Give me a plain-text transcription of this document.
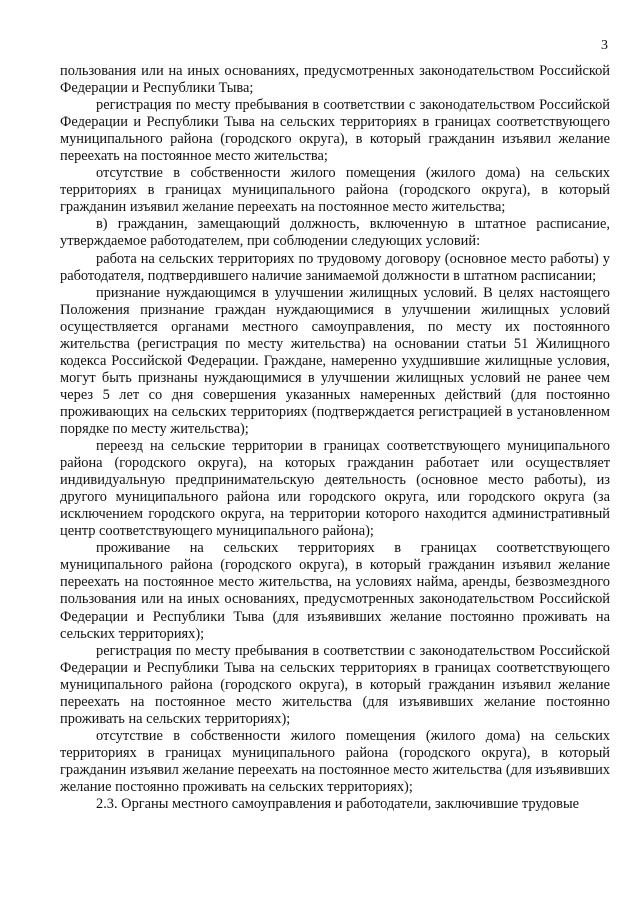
3

пользования или на иных основаниях, предусмотренных законодательством Российской Федерации и Республики Тыва;

регистрация по месту пребывания в соответствии с законодательством Российской Федерации и Республики Тыва на сельских территориях в границах соответствующего муниципального района (городского округа), в который гражданин изъявил желание переехать на постоянное место жительства;

отсутствие в собственности жилого помещения (жилого дома) на сельских территориях в границах муниципального района (городского округа), в который гражданин изъявил желание переехать на постоянное место жительства;

в) гражданин, замещающий должность, включенную в штатное расписание, утверждаемое работодателем, при соблюдении следующих условий:

работа на сельских территориях по трудовому договору (основное место работы) у работодателя, подтвердившего наличие занимаемой должности в штатном расписании;

признание нуждающимся в улучшении жилищных условий. В целях настоящего Положения признание граждан нуждающимися в улучшении жилищных условий осуществляется органами местного самоуправления, по месту их постоянного жительства (регистрация по месту жительства) на основании статьи 51 Жилищного кодекса Российской Федерации. Граждане, намеренно ухудшившие жилищные условия, могут быть признаны нуждающимися в улучшении жилищных условий не ранее чем через 5 лет со дня совершения указанных намеренных действий (для постоянно проживающих на сельских территориях (подтверждается регистрацией в установленном порядке по месту жительства);

переезд на сельские территории в границах соответствующего муниципального района (городского округа), на которых гражданин работает или осуществляет индивидуальную предпринимательскую деятельность (основное место работы), из другого муниципального района или городского округа, или городского округа (за исключением городского округа, на территории которого находится административный центр соответствующего муниципального района);

проживание на сельских территориях в границах соответствующего муниципального района (городского округа), в который гражданин изъявил желание переехать на постоянное место жительства, на условиях найма, аренды, безвозмездного пользования или на иных основаниях, предусмотренных законодательством Российской Федерации и Республики Тыва (для изъявивших желание постоянно проживать на сельских территориях);

регистрация по месту пребывания в соответствии с законодательством Российской Федерации и Республики Тыва на сельских территориях в границах соответствующего муниципального района (городского округа), в который гражданин изъявил желание переехать на постоянное место жительства (для изъявивших желание постоянно проживать на сельских территориях);

отсутствие в собственности жилого помещения (жилого дома) на сельских территориях в границах муниципального района (городского округа), в который гражданин изъявил желание переехать на постоянное место жительства (для изъявивших желание постоянно проживать на сельских территориях);

2.3. Органы местного самоуправления и работодатели, заключившие трудовые
